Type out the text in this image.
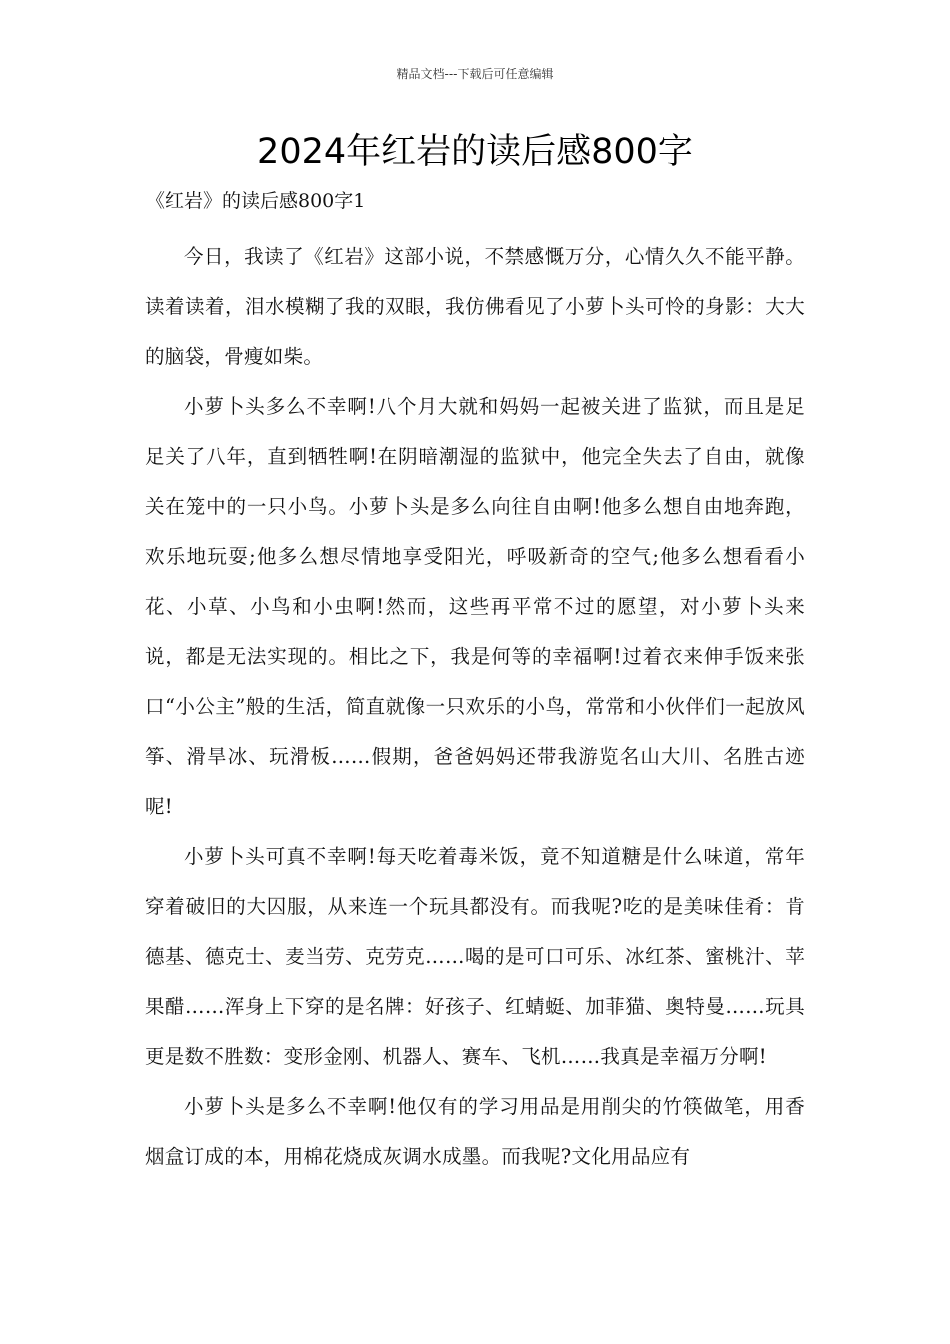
精品文档---下载后可任意编辑
2024年红岩的读后感800字
《红岩》的读后感800字1

今日，我读了《红岩》这部小说，不禁感慨万分，心情久久不能平静。读着读着，泪水模糊了我的双眼，我仿佛看见了小萝卜头可怜的身影：大大的脑袋，骨瘦如柴。

小萝卜头多么不幸啊!八个月大就和妈妈一起被关进了监狱，而且是足足关了八年，直到牺牲啊!在阴暗潮湿的监狱中，他完全失去了自由，就像关在笼中的一只小鸟。小萝卜头是多么向往自由啊!他多么想自由地奔跑，欢乐地玩耍;他多么想尽情地享受阳光，呼吸新奇的空气;他多么想看看小花、小草、小鸟和小虫啊!然而，这些再平常不过的愿望，对小萝卜头来说，都是无法实现的。相比之下，我是何等的幸福啊!过着衣来伸手饭来张口“小公主”般的生活，简直就像一只欢乐的小鸟，常常和小伙伴们一起放风筝、滑旱冰、玩滑板……假期，爸爸妈妈还带我游览名山大川、名胜古迹呢!

小萝卜头可真不幸啊!每天吃着毒米饭，竟不知道糖是什么味道，常年穿着破旧的大囚服，从来连一个玩具都没有。而我呢?吃的是美味佳肴：肯德基、德克士、麦当劳、克劳克……喝的是可口可乐、冰红茶、蜜桃汁、苹果醋……浑身上下穿的是名牌：好孩子、红蜻蜓、加菲猫、奥特曼……玩具更是数不胜数：变形金刚、机器人、赛车、飞机……我真是幸福万分啊!

小萝卜头是多么不幸啊!他仅有的学习用品是用削尖的竹筷做笔，用香烟盒订成的本，用棉花烧成灰调水成墨。而我呢?文化用品应有
